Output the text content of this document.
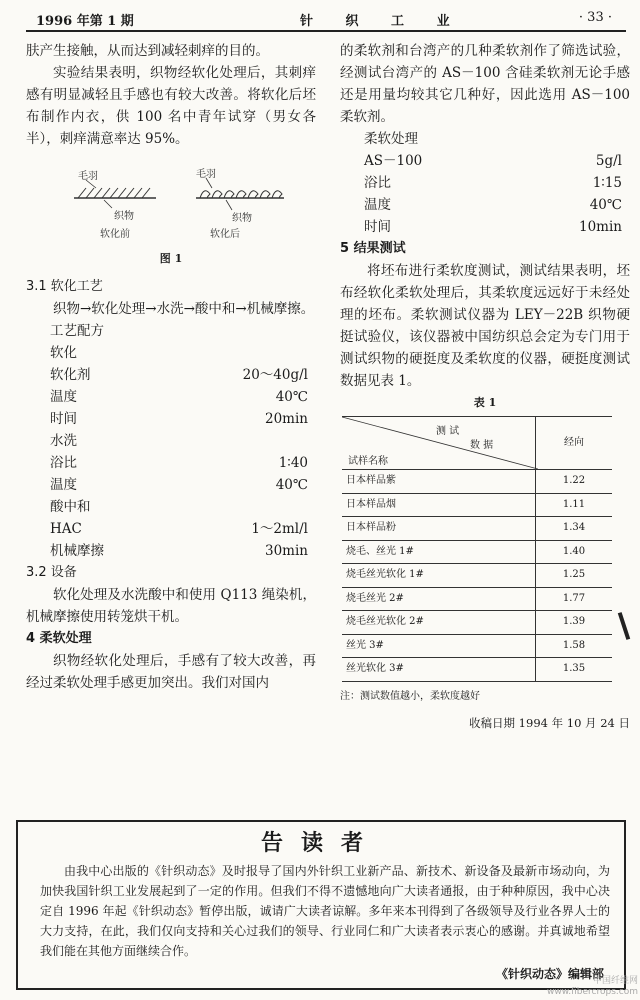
1996 年第 1 期	针 织 工 业	· 33 ·

肤产生接触，从而达到减轻刺痒的目的。

实验结果表明，织物经软化处理后，其刺痒感有明显减轻且手感也有较大改善。将软化后坯布制作内衣，供 100 名中青年试穿（男女各半），刺痒满意率达 95%。

毛羽	毛羽
织物	织物
软化前	软化后
图 1
3.1 软化工艺

织物→软化处理→水洗→酸中和→机械摩擦。

工艺配方
软化
软化剂	20～40g/l
温度	40℃
时间	20min
水洗
浴比	1∶40
温度	40℃
酸中和
HAC	1～2ml/l
机械摩擦	30min
3.2 设备

软化处理及水洗酸中和使用 Q113 绳染机，机械摩擦使用转笼烘干机。

4 柔软处理

织物经软化处理后，手感有了较大改善，再经过柔软处理手感更加突出。我们对国内

的柔软剂和台湾产的几种柔软剂作了筛选试验，经测试台湾产的 AS－100 含硅柔软剂无论手感还是用量均较其它几种好，因此选用 AS－100 柔软剂。

柔软处理
AS－100	5g/l
浴比	1∶15
温度	40℃
时间	10min
5 结果测试

将坯布进行柔软度测试，测试结果表明，坯布经软化柔软处理后，其柔软度远远好于未经处理的坯布。柔软测试仪器为 LEY－22B 织物硬挺试验仪，该仪器被中国纺织总会定为专门用于测试织物的硬挺度及柔软度的仪器，硬挺度测试数据见表 1。

表 1
测 试
数 据
试样名称	经向
日本样品紫	1.22
日本样品烟	1.11
日本样品粉	1.34
烧毛、丝光 1#	1.40
烧毛丝光软化 1#	1.25
烧毛丝光 2#	1.77
烧毛丝光软化 2#	1.39
丝光 3#	1.58
丝光软化 3#	1.35
注：测试数值越小，柔软度越好
收稿日期 1994 年 10 月 24 日
告读者
由我中心出版的《针织动态》及时报导了国内外针织工业新产品、新技术、新设备及最新市场动向，为加快我国针织工业发展起到了一定的作用。但我们不得不遗憾地向广大读者通报，由于种种原因，我中心决定自 1996 年起《针织动态》暂停出版，诚请广大读者谅解。多年来本刊得到了各级领导及行业各界人士的大力支持，在此，我们仅向支持和关心过我们的领导、行业同仁和广大读者表示衷心的感谢。并真诚地希望我们能在其他方面继续合作。
《针织动态》编辑部
中国纤维网
www.fibercrops.com
